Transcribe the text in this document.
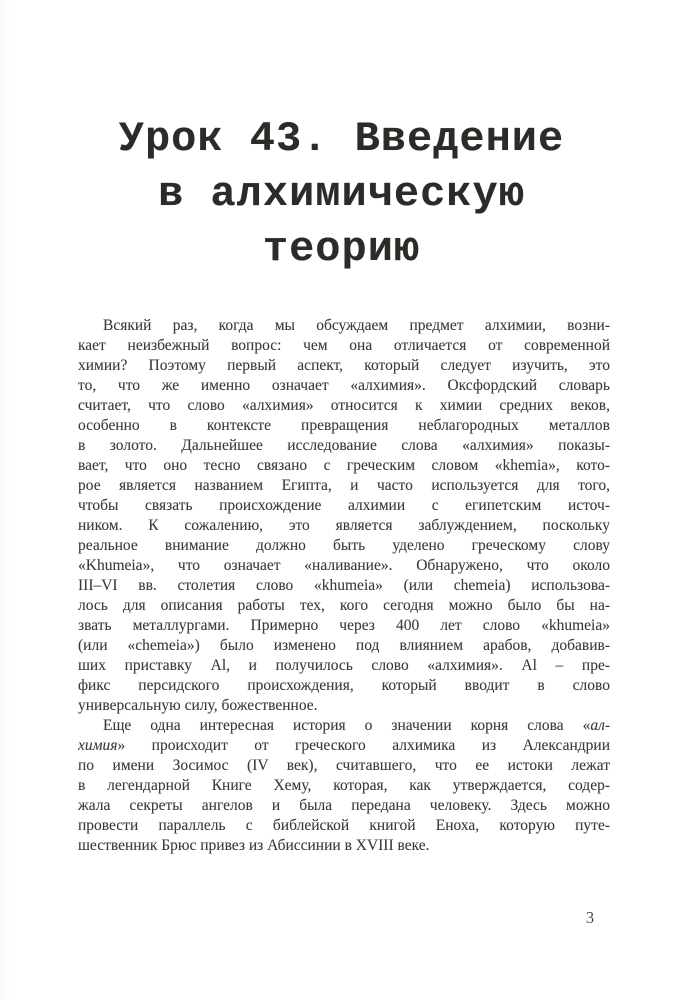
Урок 43. Введение
в алхимическую
теорию
Всякий раз, когда мы обсуждаем предмет алхимии, возни-
кает неизбежный вопрос: чем она отличается от современной
химии? Поэтому первый аспект, который следует изучить, это
то, что же именно означает «алхимия». Оксфордский словарь
считает, что слово «алхимия» относится к химии средних веков,
особенно в контексте превращения неблагородных металлов
в золото. Дальнейшее исследование слова «алхимия» показы-
вает, что оно тесно связано с греческим словом «khemia», кото-
рое является названием Египта, и часто используется для того,
чтобы связать происхождение алхимии с египетским источ-
ником. К сожалению, это является заблуждением, поскольку
реальное внимание должно быть уделено греческому слову
«Khumeia», что означает «наливание». Обнаружено, что около
III–VI вв. столетия слово «khumeia» (или chemeia) использова-
лось для описания работы тех, кого сегодня можно было бы на-
звать металлургами. Примерно через 400 лет слово «khumeia»
(или «chemeia») было изменено под влиянием арабов, добавив-
ших приставку Al, и получилось слово «алхимия». Al – пре-
фикс персидского происхождения, который вводит в слово
универсальную силу, божественное.
Еще одна интересная история о значении корня слова «ал-
химия» происходит от греческого алхимика из Александрии
по имени Зосимос (IV век), считавшего, что ее истоки лежат
в легендарной Книге Хему, которая, как утверждается, содер-
жала секреты ангелов и была передана человеку. Здесь можно
провести параллель с библейской книгой Еноха, которую путе-
шественник Брюс привез из Абиссинии в XVIII веке.
3
